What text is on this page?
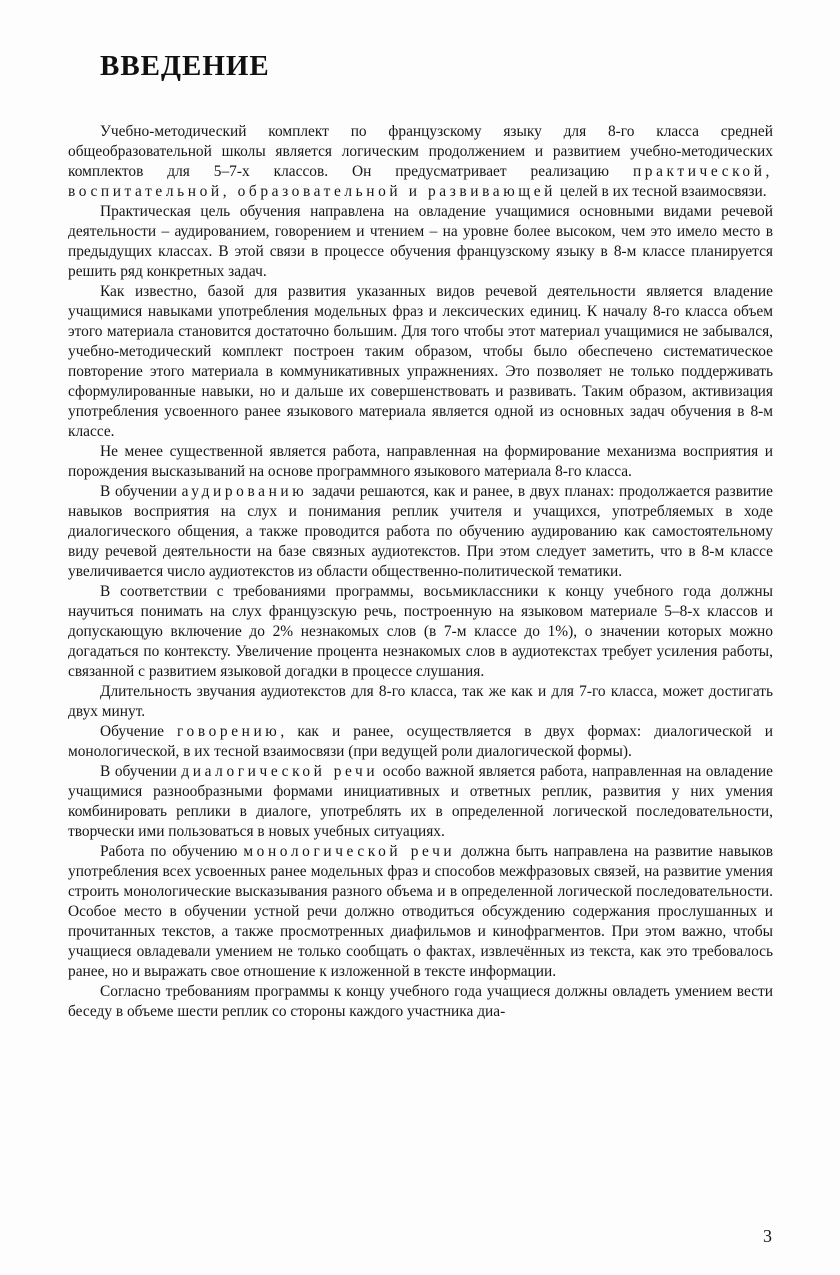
ВВЕДЕНИЕ

Учебно-методический комплект по французскому языку для 8-го класса средней общеобразовательной школы является логическим продолжением и развитием учебно-методических комплектов для 5–7-х классов. Он предусматривает реализацию практической, воспитательной, образовательной и развивающей целей в их тесной взаимосвязи.

Практическая цель обучения направлена на овладение учащимися основными видами речевой деятельности – аудированием, говорением и чтением – на уровне более высоком, чем это имело место в предыдущих классах. В этой связи в процессе обучения французскому языку в 8-м классе планируется решить ряд конкретных задач.

Как известно, базой для развития указанных видов речевой деятельности является владение учащимися навыками употребления модельных фраз и лексических единиц. К началу 8-го класса объем этого материала становится достаточно большим. Для того чтобы этот материал учащимися не забывался, учебно-методический комплект построен таким образом, чтобы было обеспечено систематическое повторение этого материала в коммуникативных упражнениях. Это позволяет не только поддерживать сформулированные навыки, но и дальше их совершенствовать и развивать. Таким образом, активизация употребления усвоенного ранее языкового материала является одной из основных задач обучения в 8-м классе.

Не менее существенной является работа, направленная на формирование механизма восприятия и порождения высказываний на основе программного языкового материала 8-го класса.

В обучении аудированию задачи решаются, как и ранее, в двух планах: продолжается развитие навыков восприятия на слух и понимания реплик учителя и учащихся, употребляемых в ходе диалогического общения, а также проводится работа по обучению аудированию как самостоятельному виду речевой деятельности на базе связных аудиотекстов. При этом следует заметить, что в 8-м классе увеличивается число аудиотекстов из области общественно-политической тематики.

В соответствии с требованиями программы, восьмиклассники к концу учебного года должны научиться понимать на слух французскую речь, построенную на языковом материале 5–8-х классов и допускающую включение до 2% незнакомых слов (в 7-м классе до 1%), о значении которых можно догадаться по контексту. Увеличение процента незнакомых слов в аудиотекстах требует усиления работы, связанной с развитием языковой догадки в процессе слушания.

Длительность звучания аудиотекстов для 8-го класса, так же как и для 7-го класса, может достигать двух минут.

Обучение говорению, как и ранее, осуществляется в двух формах: диалогической и монологической, в их тесной взаимосвязи (при ведущей роли диалогической формы).

В обучении диалогической речи особо важной является работа, направленная на овладение учащимися разнообразными формами инициативных и ответных реплик, развития у них умения комбинировать реплики в диалоге, употреблять их в определенной логической последовательности, творчески ими пользоваться в новых учебных ситуациях.

Работа по обучению монологической речи должна быть направлена на развитие навыков употребления всех усвоенных ранее модельных фраз и способов межфразовых связей, на развитие умения строить монологические высказывания разного объема и в определенной логической последовательности. Особое место в обучении устной речи должно отводиться обсуждению содержания прослушанных и прочитанных текстов, а также просмотренных диафильмов и кинофрагментов. При этом важно, чтобы учащиеся овладевали умением не только сообщать о фактах, извлечённых из текста, как это требовалось ранее, но и выражать свое отношение к изложенной в тексте информации.

Согласно требованиям программы к концу учебного года учащиеся должны овладеть умением вести беседу в объеме шести реплик со стороны каждого участника диа-

3
